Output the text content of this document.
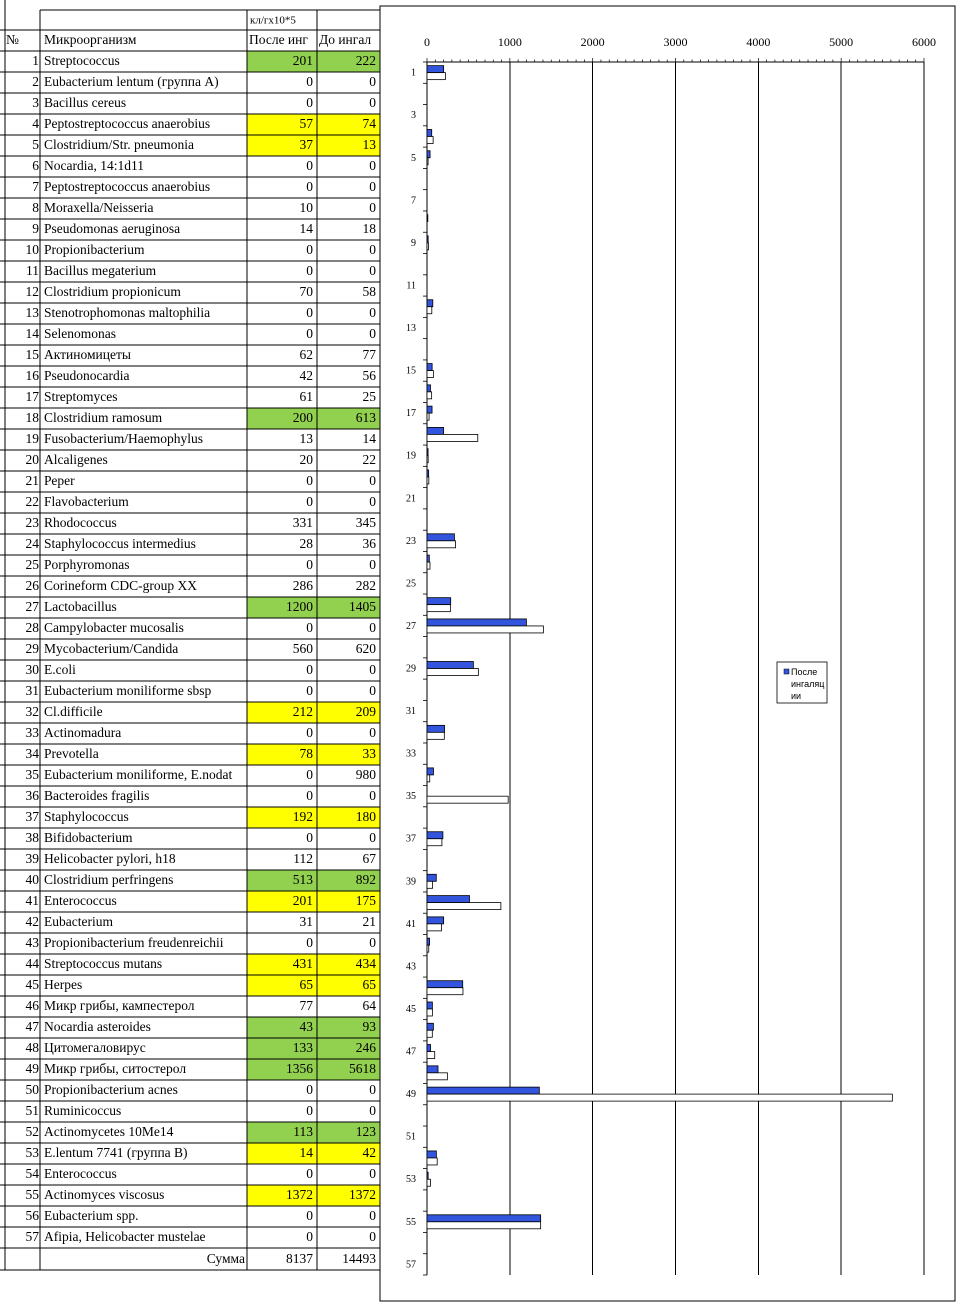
кл/гх10*5
№ Микроорганизм	После инг До ингал
1 Streptococcus	201	222
2 Eubacterium lentum (группа А)	0	0
3 Bacillus cereus	0	0
4 Peptostreptococcus anaerobius	57	74
5 Clostridium/Str. pneumonia	37	13
6 Nocardia, 14:1d11	0	0
7 Peptostreptococcus anaerobius	0	0
8 Moraxella/Neisseria	10	0
9 Pseudomonas aeruginosa	14	18
10 Propionibacterium	0	0
11 Bacillus megaterium	0	0
12 Clostridium propionicum	70	58
13 Stenotrophomonas maltophilia	0	0
14 Selenomonas	0	0
15 Актиномицеты	62	77
16 Pseudonocardia	42	56
17 Streptomyces	61	25
18 Clostridium ramosum	200	613
19 Fusobacterium/Haemophylus	13	14
20 Alcaligenes	20	22
21 Реper	0	0
22 Flavobacterium	0	0
23 Rhodococcus	331	345
24 Staphylococcus intermedius	28	36
25 Porphyromonas	0	0
26 Corineform CDC-group XX	286	282
27 Lactobacillus	1200	1405
28 Campylobacter mucosalis	0	0
29 Mycobacterium/Candida	560	620
30 E.coli	0	0
31 Eubacterium moniliforme sbsp	0	0
32 Cl.difficile	212	209
33 Actinomadura	0	0
34 Prevotella	78	33
35 Eubacterium moniliforme, E.nodat	0	980
36 Bacteroides fragilis	0	0
37 Staphylococcus	192	180
38 Bifidobacterium	0	0
39 Helicobacter pylori, h18	112	67
40 Clostridium perfringens	513	892
41 Enterococcus	201	175
42 Eubacterium	31	21
43 Propionibacterium freudenreichii	0	0
44 Streptococcus mutans	431	434
45 Herpes	65	65
46 Микр грибы, кампестерол	77	64
47 Nocardia asteroides	43	93
48 Цитомегаловирус	133	246
49 Микр грибы, ситостерол	1356	5618
50 Propionibacterium acnes	0	0
51 Ruminicoccus	0	0
52 Actinomycetes 10Me14	113	123
53 E.lentum 7741 (группа В)	14	42
54 Enterococcus	0	0
55 Actinomyces viscosus	1372	1372
56 Eubacterium spp.	0	0
57 Afipia, Helicobacter mustelae	0	0
Сумма	8137 14493
0	1000	2000	3000	4000	5000	6000
1
3
5
7
9
11
13
15
17
19
21
23
25
27
29
31
33
35
37
39
41
43
45
47
49
51
53
55
57
После
ингаляц
ии
